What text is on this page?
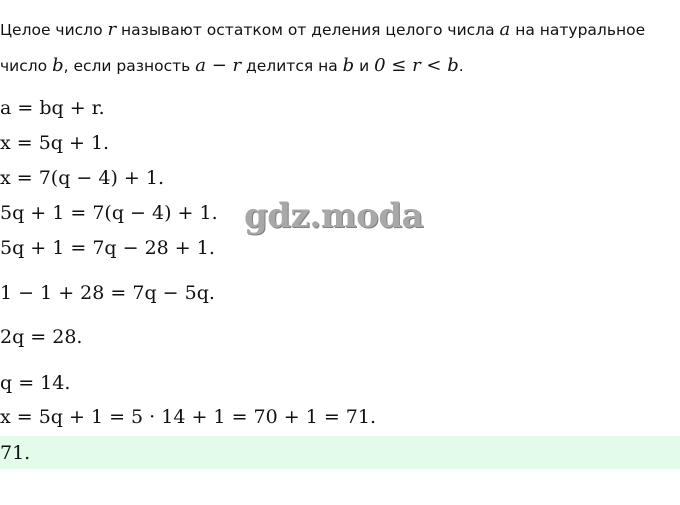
Целое число r называют остатком от деления целого числа a на натуральное число b, если разность a − r делится на b и 0 ≤ r < b.
a = bq + r.
x = 5q + 1.
x = 7(q − 4) + 1.
5q + 1 = 7(q − 4) + 1.
5q + 1 = 7q − 28 + 1.
1 − 1 + 28 = 7q − 5q.
2q = 28.
q = 14.
x = 5q + 1 = 5 · 14 + 1 = 70 + 1 = 71.
71.
gdz.moda
